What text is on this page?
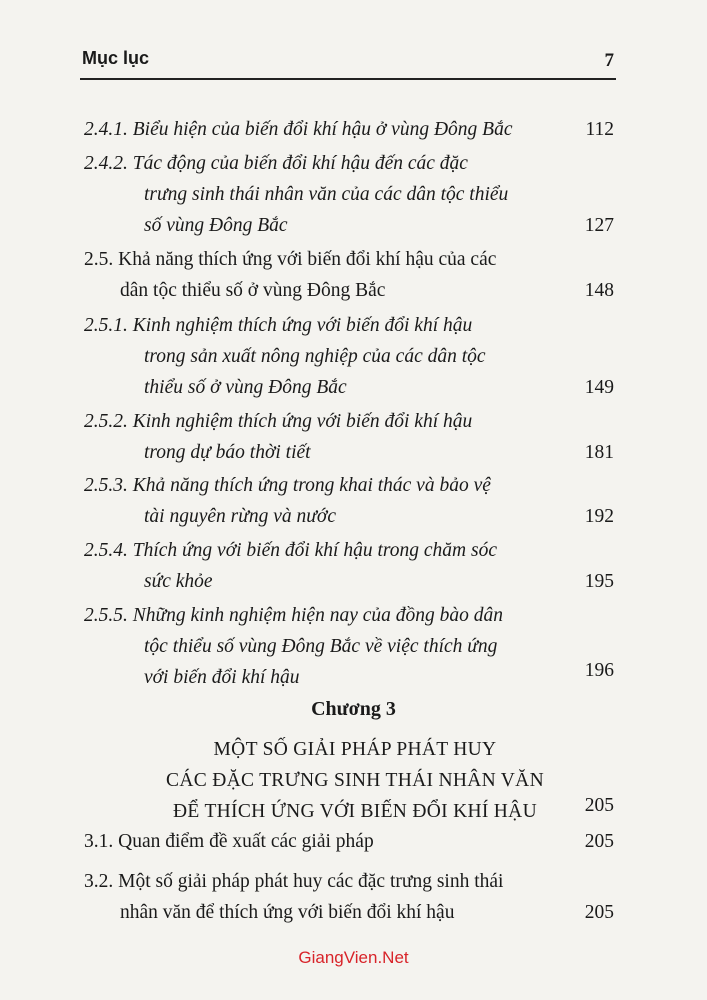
Mục lục	7
2.4.1. Biểu hiện của biến đổi khí hậu ở vùng Đông Bắc	112
2.4.2. Tác động của biến đổi khí hậu đến các đặc
trưng sinh thái nhân văn của các dân tộc thiểu
số vùng Đông Bắc	127
2.5. Khả năng thích ứng với biến đổi khí hậu của các
dân tộc thiểu số ở vùng Đông Bắc	148
2.5.1. Kinh nghiệm thích ứng với biến đổi khí hậu
trong sản xuất nông nghiệp của các dân tộc
thiểu số ở vùng Đông Bắc	149
2.5.2. Kinh nghiệm thích ứng với biến đổi khí hậu
trong dự báo thời tiết	181
2.5.3. Khả năng thích ứng trong khai thác và bảo vệ
tài nguyên rừng và nước	192
2.5.4. Thích ứng với biến đổi khí hậu trong chăm sóc
sức khỏe	195
2.5.5. Những kinh nghiệm hiện nay của đồng bào dân
tộc thiểu số vùng Đông Bắc về việc thích ứng
với biến đổi khí hậu	196
Chương 3
MỘT SỐ GIẢI PHÁP PHÁT HUY
CÁC ĐẶC TRƯNG SINH THÁI NHÂN VĂN
ĐỂ THÍCH ỨNG VỚI BIẾN ĐỔI KHÍ HẬU	205
3.1. Quan điểm đề xuất các giải pháp	205
3.2. Một số giải pháp phát huy các đặc trưng sinh thái
nhân văn để thích ứng với biến đổi khí hậu	205
GiangVien.Net
